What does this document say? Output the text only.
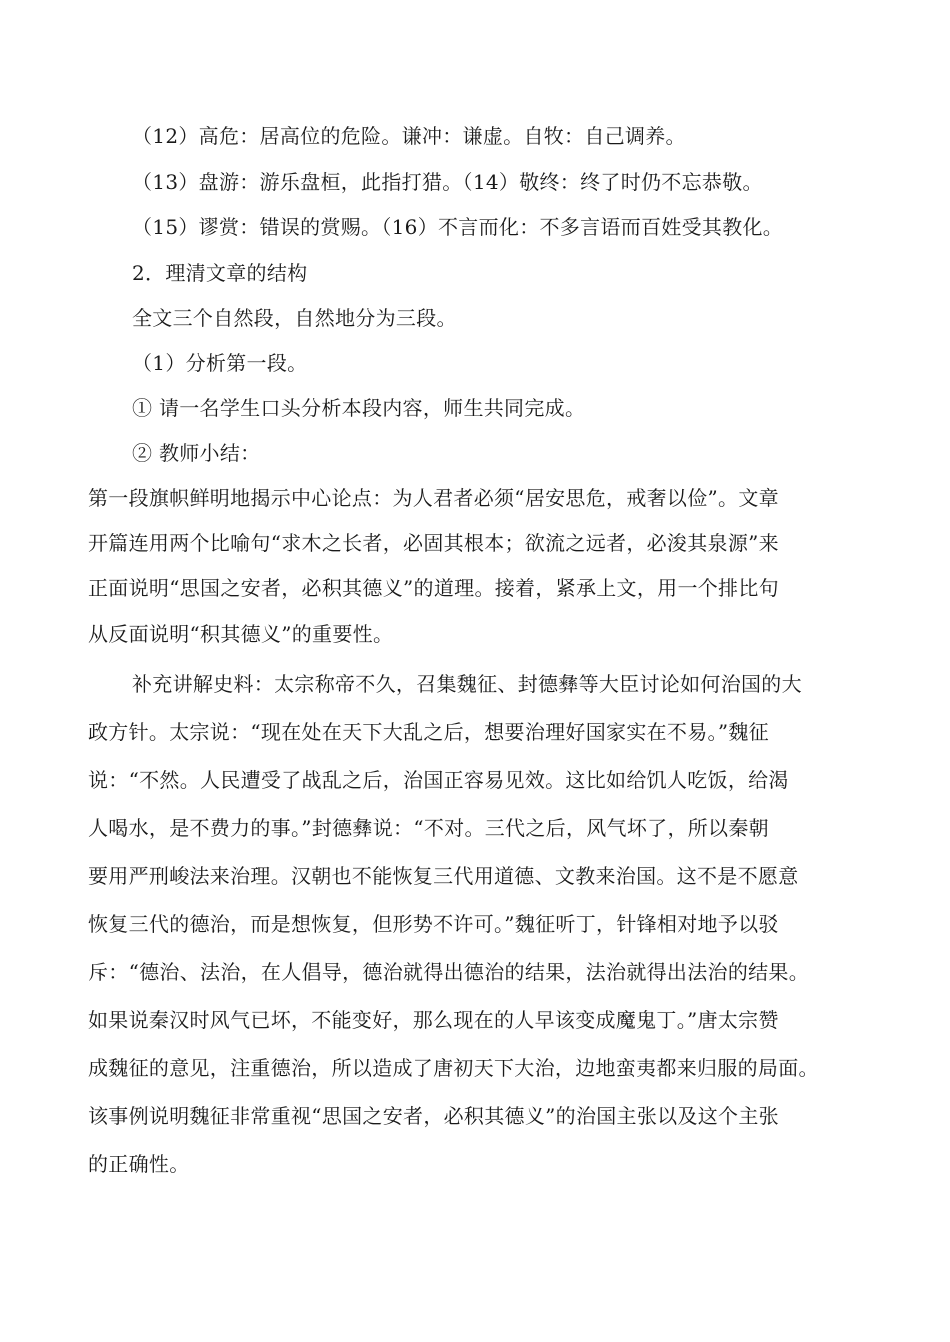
（12）高危：居高位的危险。谦冲：谦虚。自牧：自己调养。
（13）盘游：游乐盘桓，此指打猎。（14）敬终：终了时仍不忘恭敬。
（15）谬赏：错误的赏赐。（16）不言而化：不多言语而百姓受其教化。
2．理清文章的结构
全文三个自然段，自然地分为三段。
（1）分析第一段。
① 请一名学生口头分析本段内容，师生共同完成。
② 教师小结：
第一段旗帜鲜明地揭示中心论点：为人君者必须“居安思危，戒奢以俭”。文章
开篇连用两个比喻句“求木之长者，必固其根本；欲流之远者，必浚其泉源”来
正面说明“思国之安者，必积其德义”的道理。接着，紧承上文，用一个排比句
从反面说明“积其德义”的重要性。
补充讲解史料：太宗称帝不久，召集魏征、封德彝等大臣讨论如何治国的大
政方针。太宗说：“现在处在天下大乱之后，想要治理好国家实在不易。”魏征
说：“不然。人民遭受了战乱之后，治国正容易见效。这比如给饥人吃饭，给渴
人喝水，是不费力的事。”封德彝说：“不对。三代之后，风气坏了，所以秦朝
要用严刑峻法来治理。汉朝也不能恢复三代用道德、文教来治国。这不是不愿意
恢复三代的德治，而是想恢复，但形势不许可。”魏征听丁，针锋相对地予以驳
斥：“德治、法治，在人倡导，德治就得出德治的结果，法治就得出法治的结果。
如果说秦汉时风气已坏，不能变好，那么现在的人早该变成魔鬼丁。”唐太宗赞
成魏征的意见，注重德治，所以造成了唐初天下大治，边地蛮夷都来归服的局面。
该事例说明魏征非常重视“思国之安者，必积其德义”的治国主张以及这个主张
的正确性。
